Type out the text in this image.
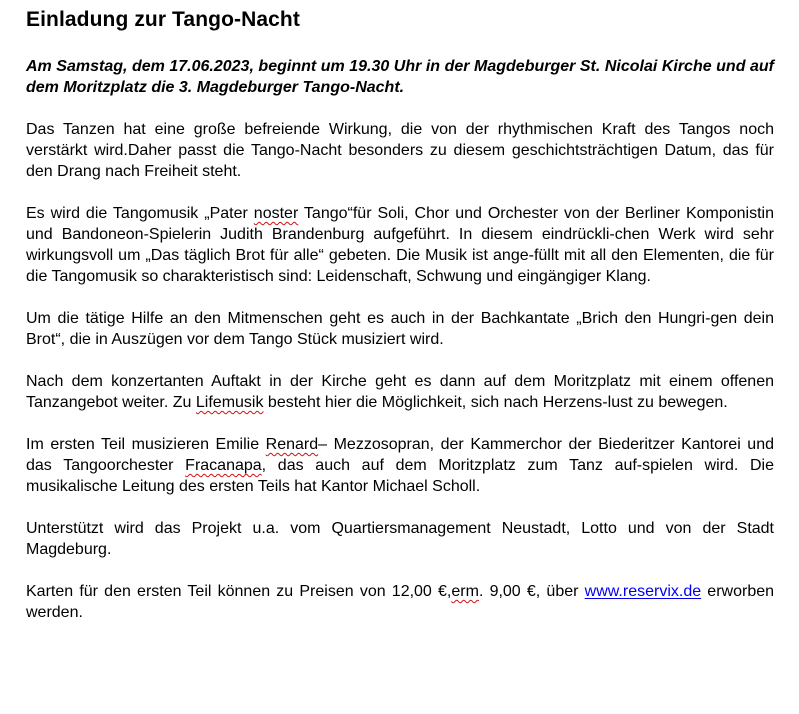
Einladung zur Tango-Nacht

Am Samstag, dem 17.06.2023, beginnt um 19.30 Uhr in der Magdeburger St. Nicolai Kirche und auf dem Moritzplatz die 3. Magdeburger Tango-Nacht.

Das Tanzen hat eine große befreiende Wirkung, die von der rhythmischen Kraft des Tangos noch verstärkt wird.Daher passt die Tango-Nacht besonders zu diesem geschichtsträchtigen Datum, das für den Drang nach Freiheit steht.

Es wird die Tangomusik „Pater noster Tango“für Soli, Chor und Orchester von der Berliner Komponistin und Bandoneon-Spielerin Judith Brandenburg aufgeführt. In diesem eindrückli-chen Werk wird sehr wirkungsvoll um „Das täglich Brot für alle“ gebeten. Die Musik ist ange-füllt mit all den Elementen, die für die Tangomusik so charakteristisch sind: Leidenschaft, Schwung und eingängiger Klang.

Um die tätige Hilfe an den Mitmenschen geht es auch in der Bachkantate „Brich den Hungri-gen dein Brot“, die in Auszügen vor dem Tango Stück musiziert wird.

Nach dem konzertanten Auftakt in der Kirche geht es dann auf dem Moritzplatz mit einem offenen Tanzangebot weiter. Zu Lifemusik besteht hier die Möglichkeit, sich nach Herzens-lust zu bewegen.

Im ersten Teil musizieren Emilie Renard– Mezzosopran, der Kammerchor der Biederitzer Kantorei und das Tangoorchester Fracanapa, das auch auf dem Moritzplatz zum Tanz auf-spielen wird. Die musikalische Leitung des ersten Teils hat Kantor Michael Scholl.

Unterstützt wird das Projekt u.a. vom Quartiersmanagement Neustadt, Lotto und von der Stadt Magdeburg.

Karten für den ersten Teil können zu Preisen von 12,00 €,erm. 9,00 €, über www.reservix.de erworben werden.
